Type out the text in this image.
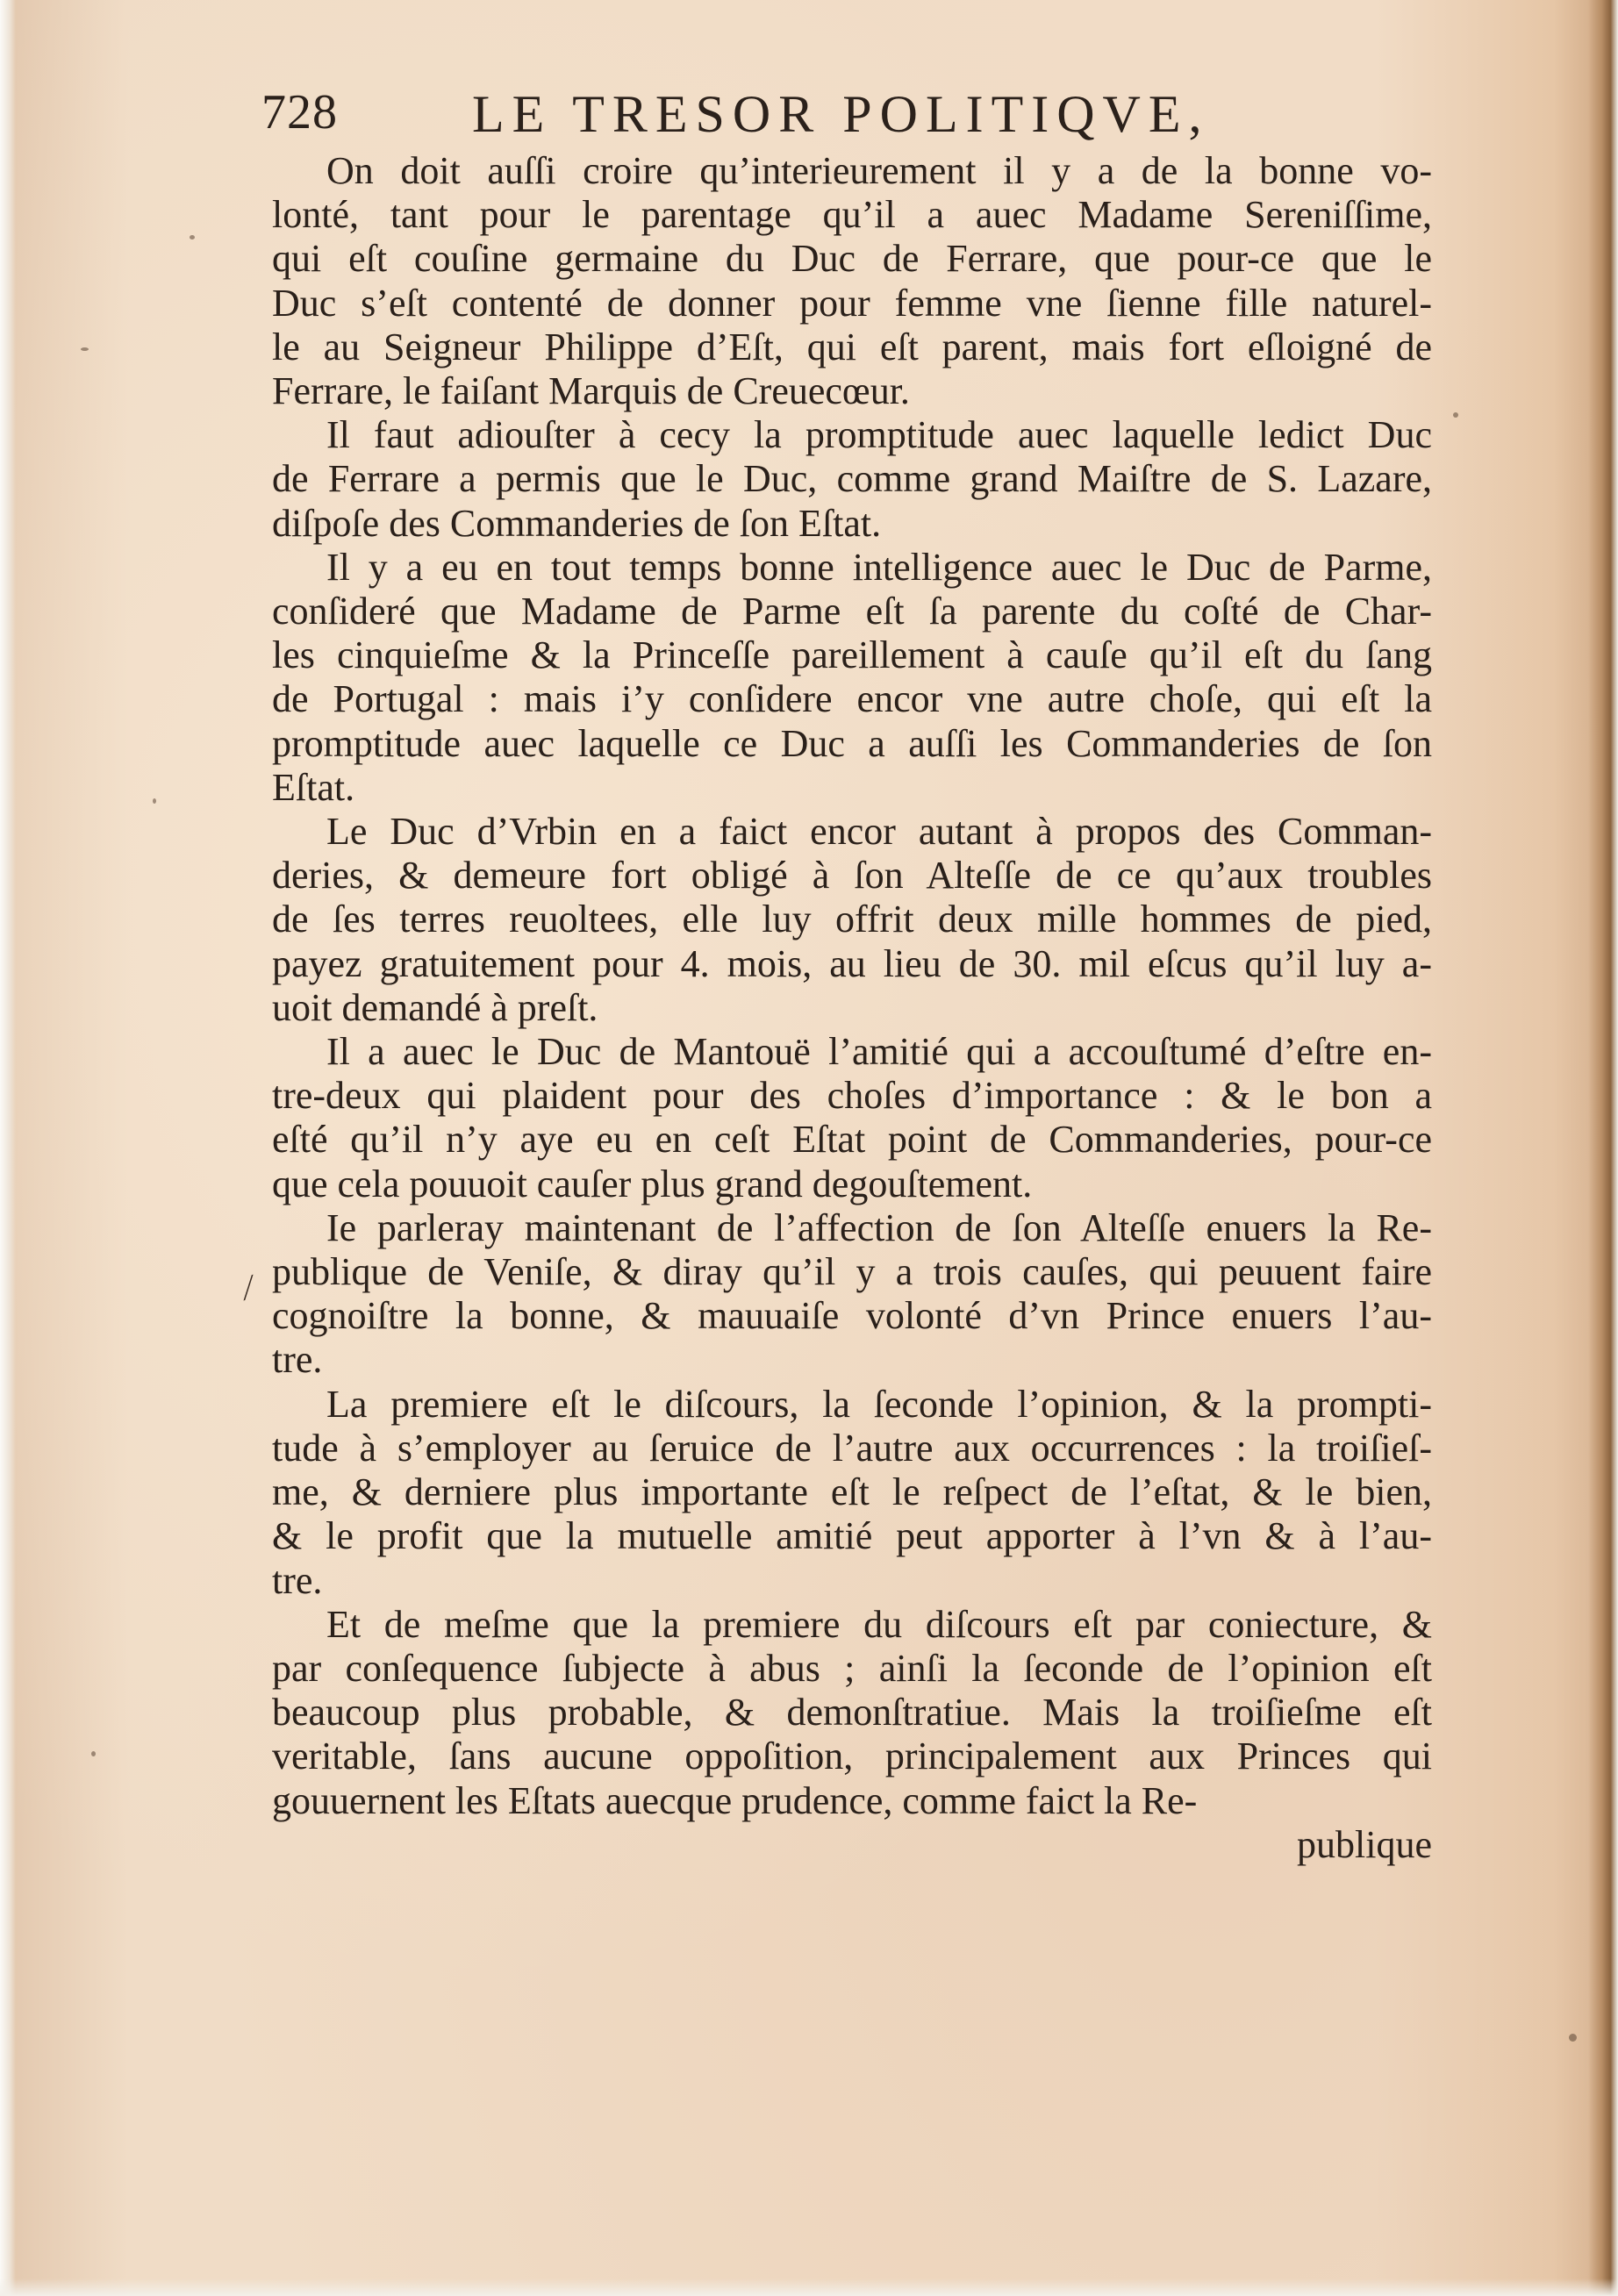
728	LE TRESOR POLITIQVE,
⁄
On doit auſſi croire qu’interieurement il y a de la bonne vo-
lonté, tant pour le parentage qu’il a auec Madame Sereniſſime,
qui eſt couſine germaine du Duc de Ferrare, que pour-ce que le
Duc s’eſt contenté de donner pour femme vne ſienne fille naturel-
le au Seigneur Philippe d’Eſt, qui eſt parent, mais fort eſloigné de
Ferrare, le faiſant Marquis de Creuecœur.
Il faut adiouſter à cecy la promptitude auec laquelle ledict Duc
de Ferrare a permis que le Duc, comme grand Maiſtre de S. Lazare,
diſpoſe des Commanderies de ſon Eſtat.
Il y a eu en tout temps bonne intelligence auec le Duc de Parme,
conſideré que Madame de Parme eſt ſa parente du coſté de Char-
les cinquieſme & la Princeſſe pareillement à cauſe qu’il eſt du ſang
de Portugal : mais i’y conſidere encor vne autre choſe, qui eſt la
promptitude auec laquelle ce Duc a auſſi les Commanderies de ſon
Eſtat.
Le Duc d’Vrbin en a faict encor autant à propos des Comman-
deries, & demeure fort obligé à ſon Alteſſe de ce qu’aux troubles
de ſes terres reuoltees, elle luy offrit deux mille hommes de pied,
payez gratuitement pour 4. mois, au lieu de 30. mil eſcus qu’il luy a-
uoit demandé à preſt.
Il a auec le Duc de Mantouë l’amitié qui a accouſtumé d’eſtre en-
tre-deux qui plaident pour des choſes d’importance : & le bon a
eſté qu’il n’y aye eu en ceſt Eſtat point de Commanderies, pour-ce
que cela pouuoit cauſer plus grand degouſtement.
Ie parleray maintenant de l’affection de ſon Alteſſe enuers la Re-
publique de Veniſe, & diray qu’il y a trois cauſes, qui peuuent faire
cognoiſtre la bonne, & mauuaiſe volonté d’vn Prince enuers l’au-
tre.
La premiere eſt le diſcours, la ſeconde l’opinion, & la prompti-
tude à s’employer au ſeruice de l’autre aux occurrences : la troiſieſ-
me, & derniere plus importante eſt le reſpect de l’eſtat, & le bien,
& le profit que la mutuelle amitié peut apporter à l’vn & à l’au-
tre.
Et de meſme que la premiere du diſcours eſt par coniecture, &
par conſequence ſubjecte à abus ; ainſi la ſeconde de l’opinion eſt
beaucoup plus probable, & demonſtratiue. Mais la troiſieſme eſt
veritable, ſans aucune oppoſition, principalement aux Princes qui
gouuernent les Eſtats auecque prudence, comme faict la Re-
publique
